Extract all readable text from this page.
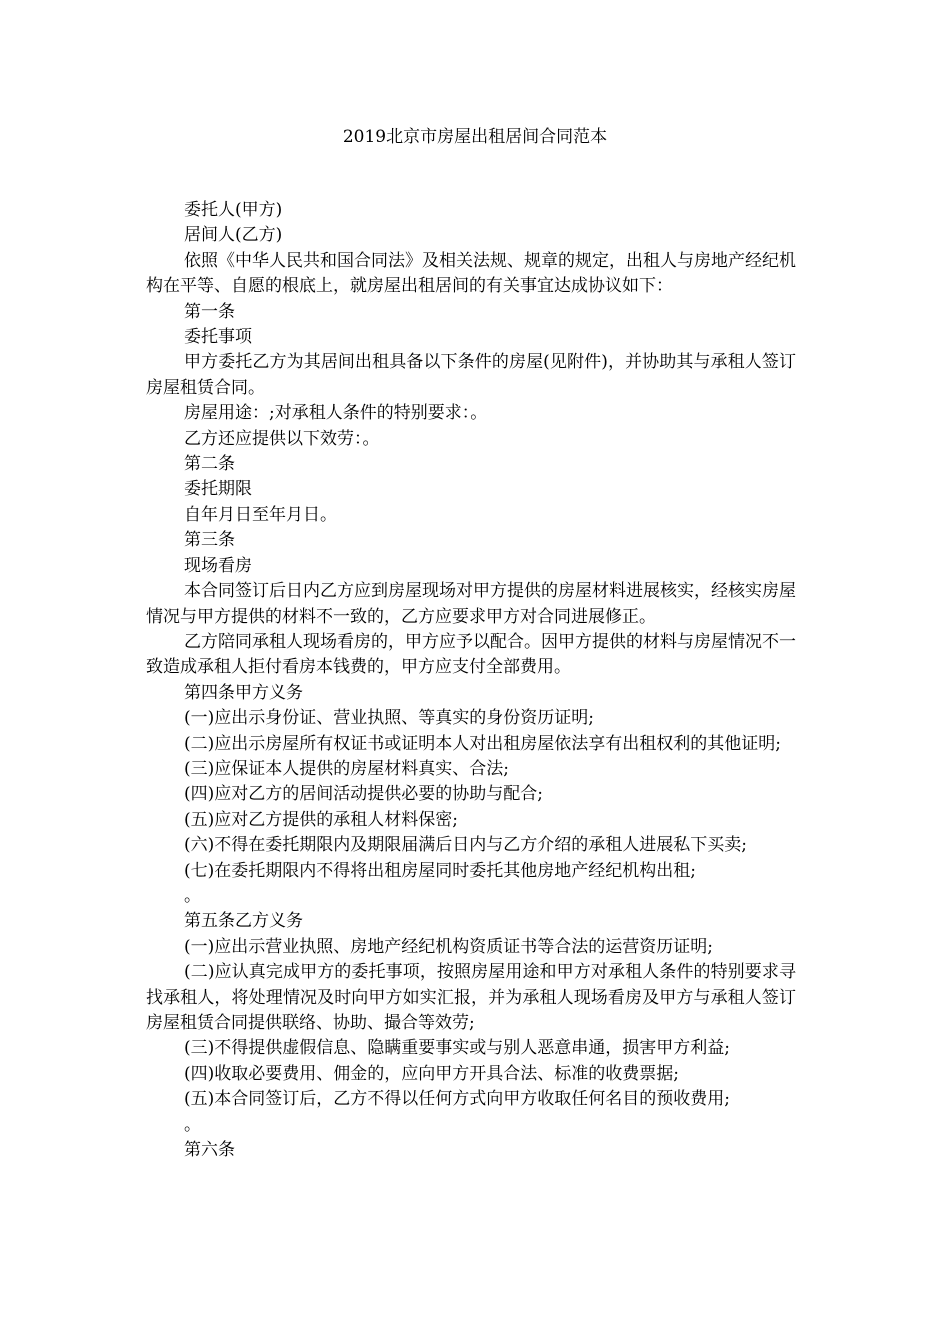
2019北京市房屋出租居间合同范本

委托人(甲方)

居间人(乙方)

依照《中华人民共和国合同法》及相关法规、规章的规定，出租人与房地产经纪机构在平等、自愿的根底上，就房屋出租居间的有关事宜达成协议如下：

第一条

委托事项

甲方委托乙方为其居间出租具备以下条件的房屋(见附件)，并协助其与承租人签订房屋租赁合同。

房屋用途：;对承租人条件的特别要求：。

乙方还应提供以下效劳：。

第二条

委托期限

自年月日至年月日。

第三条

现场看房

本合同签订后日内乙方应到房屋现场对甲方提供的房屋材料进展核实，经核实房屋情况与甲方提供的材料不一致的，乙方应要求甲方对合同进展修正。

乙方陪同承租人现场看房的，甲方应予以配合。因甲方提供的材料与房屋情况不一致造成承租人拒付看房本钱费的，甲方应支付全部费用。

第四条甲方义务

(一)应出示身份证、营业执照、等真实的身份资历证明;

(二)应出示房屋所有权证书或证明本人对出租房屋依法享有出租权利的其他证明;

(三)应保证本人提供的房屋材料真实、合法;

(四)应对乙方的居间活动提供必要的协助与配合;

(五)应对乙方提供的承租人材料保密;

(六)不得在委托期限内及期限届满后日内与乙方介绍的承租人进展私下买卖;

(七)在委托期限内不得将出租房屋同时委托其他房地产经纪机构出租;

。

第五条乙方义务

(一)应出示营业执照、房地产经纪机构资质证书等合法的运营资历证明;

(二)应认真完成甲方的委托事项，按照房屋用途和甲方对承租人条件的特别要求寻找承租人，将处理情况及时向甲方如实汇报，并为承租人现场看房及甲方与承租人签订房屋租赁合同提供联络、协助、撮合等效劳;

(三)不得提供虚假信息、隐瞒重要事实或与别人恶意串通，损害甲方利益;

(四)收取必要费用、佣金的，应向甲方开具合法、标准的收费票据;

(五)本合同签订后，乙方不得以任何方式向甲方收取任何名目的预收费用;

。

第六条
